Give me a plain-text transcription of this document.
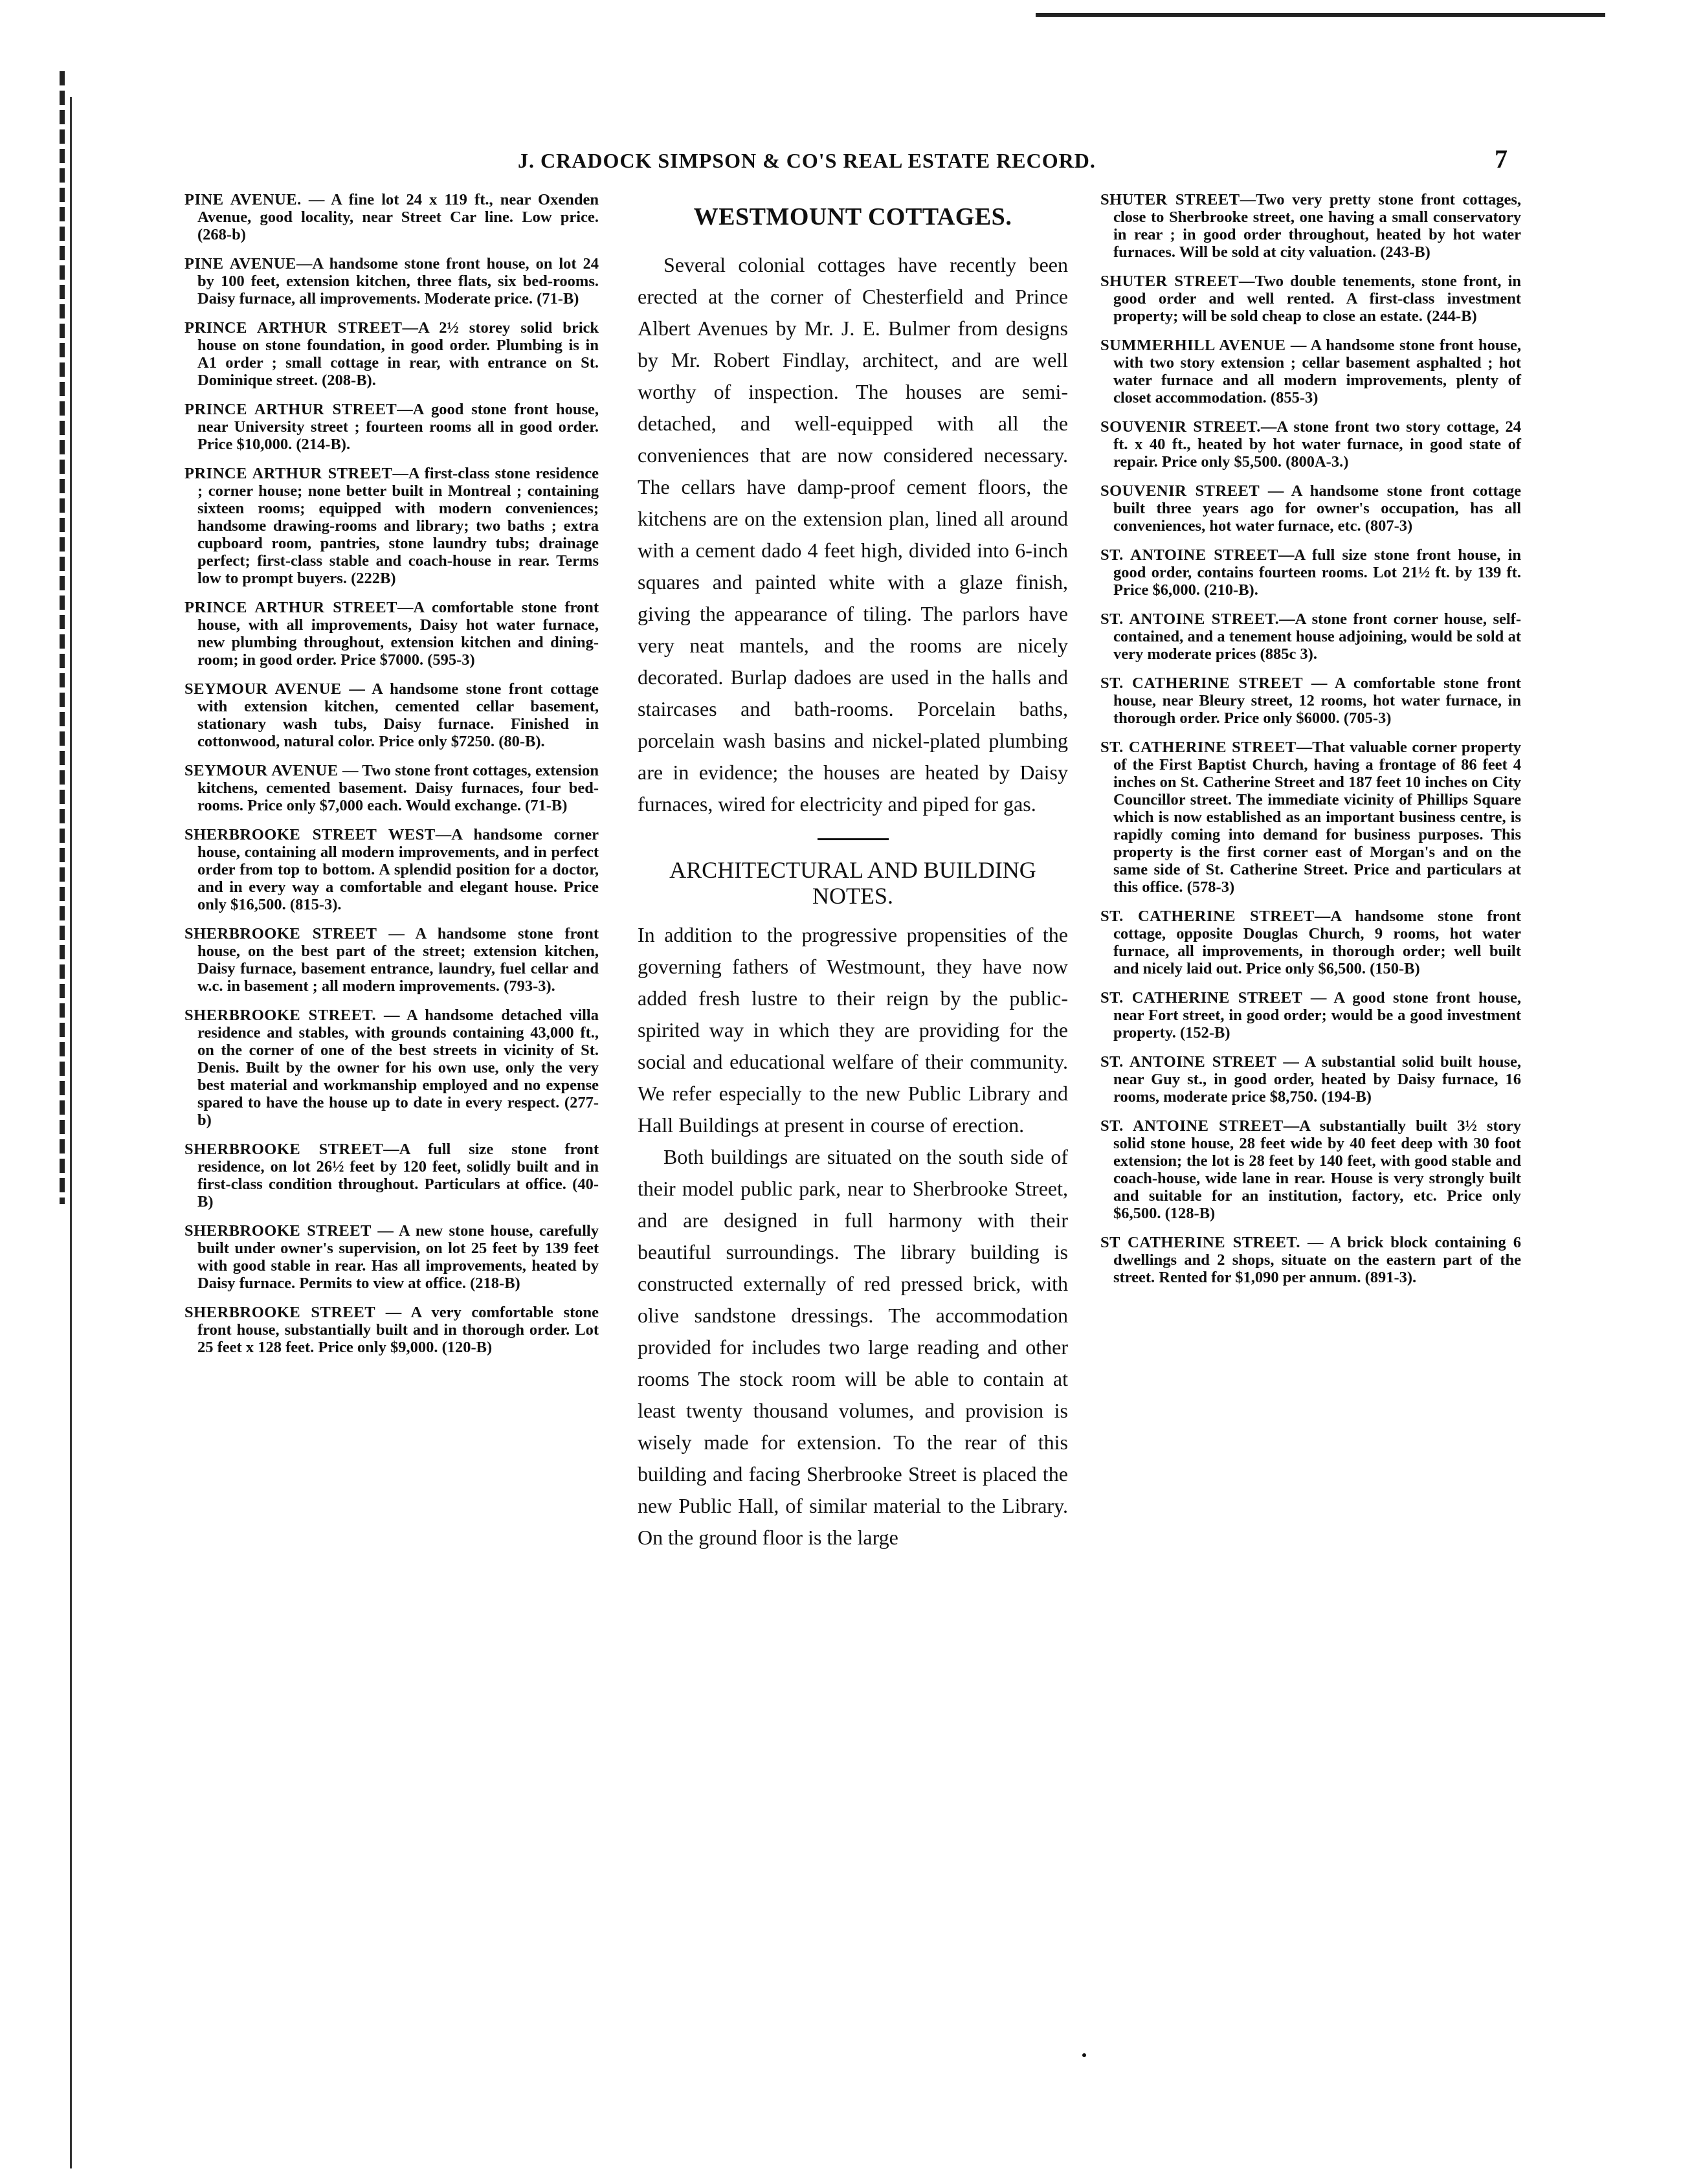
J. CRADOCK SIMPSON & CO'S REAL ESTATE RECORD.	7

PINE AVENUE. — A fine lot 24 x 119 ft., near Oxenden Avenue, good locality, near Street Car line. Low price. (268-b)

PINE AVENUE—A handsome stone front house, on lot 24 by 100 feet, extension kitchen, three flats, six bed-rooms. Daisy furnace, all improvements. Moderate price. (71-B)

PRINCE ARTHUR STREET—A 2½ storey solid brick house on stone foundation, in good order. Plumbing is in A1 order ; small cottage in rear, with entrance on St. Dominique street. (208-B).

PRINCE ARTHUR STREET—A good stone front house, near University street ; fourteen rooms all in good order. Price $10,000. (214-B).

PRINCE ARTHUR STREET—A first-class stone residence ; corner house; none better built in Montreal ; containing sixteen rooms; equipped with modern conveniences; handsome drawing-rooms and library; two baths ; extra cupboard room, pantries, stone laundry tubs; drainage perfect; first-class stable and coach-house in rear. Terms low to prompt buyers. (222B)

PRINCE ARTHUR STREET—A comfortable stone front house, with all improvements, Daisy hot water furnace, new plumbing throughout, extension kitchen and dining-room; in good order. Price $7000. (595-3)

SEYMOUR AVENUE — A handsome stone front cottage with extension kitchen, cemented cellar basement, stationary wash tubs, Daisy furnace. Finished in cottonwood, natural color. Price only $7250. (80-B).

SEYMOUR AVENUE — Two stone front cottages, extension kitchens, cemented basement. Daisy furnaces, four bed-rooms. Price only $7,000 each. Would exchange. (71-B)

SHERBROOKE STREET WEST—A handsome corner house, containing all modern improvements, and in perfect order from top to bottom. A splendid position for a doctor, and in every way a comfortable and elegant house. Price only $16,500. (815-3).

SHERBROOKE STREET — A handsome stone front house, on the best part of the street; extension kitchen, Daisy furnace, basement entrance, laundry, fuel cellar and w.c. in basement ; all modern improvements. (793-3).

SHERBROOKE STREET. — A handsome detached villa residence and stables, with grounds containing 43,000 ft., on the corner of one of the best streets in vicinity of St. Denis. Built by the owner for his own use, only the very best material and workmanship employed and no expense spared to have the house up to date in every respect. (277-b)

SHERBROOKE STREET—A full size stone front residence, on lot 26½ feet by 120 feet, solidly built and in first-class condition throughout. Particulars at office. (40-B)

SHERBROOKE STREET — A new stone house, carefully built under owner's supervision, on lot 25 feet by 139 feet with good stable in rear. Has all improvements, heated by Daisy furnace. Permits to view at office. (218-B)

SHERBROOKE STREET — A very comfortable stone front house, substantially built and in thorough order. Lot 25 feet x 128 feet. Price only $9,000. (120-B)

WESTMOUNT COTTAGES.

Several colonial cottages have recently been erected at the corner of Chesterfield and Prince Albert Avenues by Mr. J. E. Bulmer from designs by Mr. Robert Findlay, architect, and are well worthy of inspection. The houses are semi-detached, and well-equipped with all the conveniences that are now considered necessary. The cellars have damp-proof cement floors, the kitchens are on the extension plan, lined all around with a cement dado 4 feet high, divided into 6-inch squares and painted white with a glaze finish, giving the appearance of tiling. The parlors have very neat mantels, and the rooms are nicely decorated. Burlap dadoes are used in the halls and staircases and bath-rooms. Porcelain baths, porcelain wash basins and nickel-plated plumbing are in evidence; the houses are heated by Daisy furnaces, wired for electricity and piped for gas.

ARCHITECTURAL AND BUILDING NOTES.

In addition to the progressive propensities of the governing fathers of Westmount, they have now added fresh lustre to their reign by the public-spirited way in which they are providing for the social and educational welfare of their community. We refer especially to the new Public Library and Hall Buildings at present in course of erection.

Both buildings are situated on the south side of their model public park, near to Sherbrooke Street, and are designed in full harmony with their beautiful surroundings. The library building is constructed externally of red pressed brick, with olive sandstone dressings. The accommodation provided for includes two large reading and other rooms The stock room will be able to contain at least twenty thousand volumes, and provision is wisely made for extension. To the rear of this building and facing Sherbrooke Street is placed the new Public Hall, of similar material to the Library. On the ground floor is the large

SHUTER STREET—Two very pretty stone front cottages, close to Sherbrooke street, one having a small conservatory in rear ; in good order throughout, heated by hot water furnaces. Will be sold at city valuation. (243-B)

SHUTER STREET—Two double tenements, stone front, in good order and well rented. A first-class investment property; will be sold cheap to close an estate. (244-B)

SUMMERHILL AVENUE — A handsome stone front house, with two story extension ; cellar basement asphalted ; hot water furnace and all modern improvements, plenty of closet accommodation. (855-3)

SOUVENIR STREET.—A stone front two story cottage, 24 ft. x 40 ft., heated by hot water furnace, in good state of repair. Price only $5,500. (800A-3.)

SOUVENIR STREET — A handsome stone front cottage built three years ago for owner's occupation, has all conveniences, hot water furnace, etc. (807-3)

ST. ANTOINE STREET—A full size stone front house, in good order, contains fourteen rooms. Lot 21½ ft. by 139 ft. Price $6,000. (210-B).

ST. ANTOINE STREET.—A stone front corner house, self-contained, and a tenement house adjoining, would be sold at very moderate prices (885c 3).

ST. CATHERINE STREET — A comfortable stone front house, near Bleury street, 12 rooms, hot water furnace, in thorough order. Price only $6000. (705-3)

ST. CATHERINE STREET—That valuable corner property of the First Baptist Church, having a frontage of 86 feet 4 inches on St. Catherine Street and 187 feet 10 inches on City Councillor street. The immediate vicinity of Phillips Square which is now established as an important business centre, is rapidly coming into demand for business purposes. This property is the first corner east of Morgan's and on the same side of St. Catherine Street. Price and particulars at this office. (578-3)

ST. CATHERINE STREET—A handsome stone front cottage, opposite Douglas Church, 9 rooms, hot water furnace, all improvements, in thorough order; well built and nicely laid out. Price only $6,500. (150-B)

ST. CATHERINE STREET — A good stone front house, near Fort street, in good order; would be a good investment property. (152-B)

ST. ANTOINE STREET — A substantial solid built house, near Guy st., in good order, heated by Daisy furnace, 16 rooms, moderate price $8,750. (194-B)

ST. ANTOINE STREET—A substantially built 3½ story solid stone house, 28 feet wide by 40 feet deep with 30 foot extension; the lot is 28 feet by 140 feet, with good stable and coach-house, wide lane in rear. House is very strongly built and suitable for an institution, factory, etc. Price only $6,500. (128-B)

ST CATHERINE STREET. — A brick block containing 6 dwellings and 2 shops, situate on the eastern part of the street. Rented for $1,090 per annum. (891-3).
